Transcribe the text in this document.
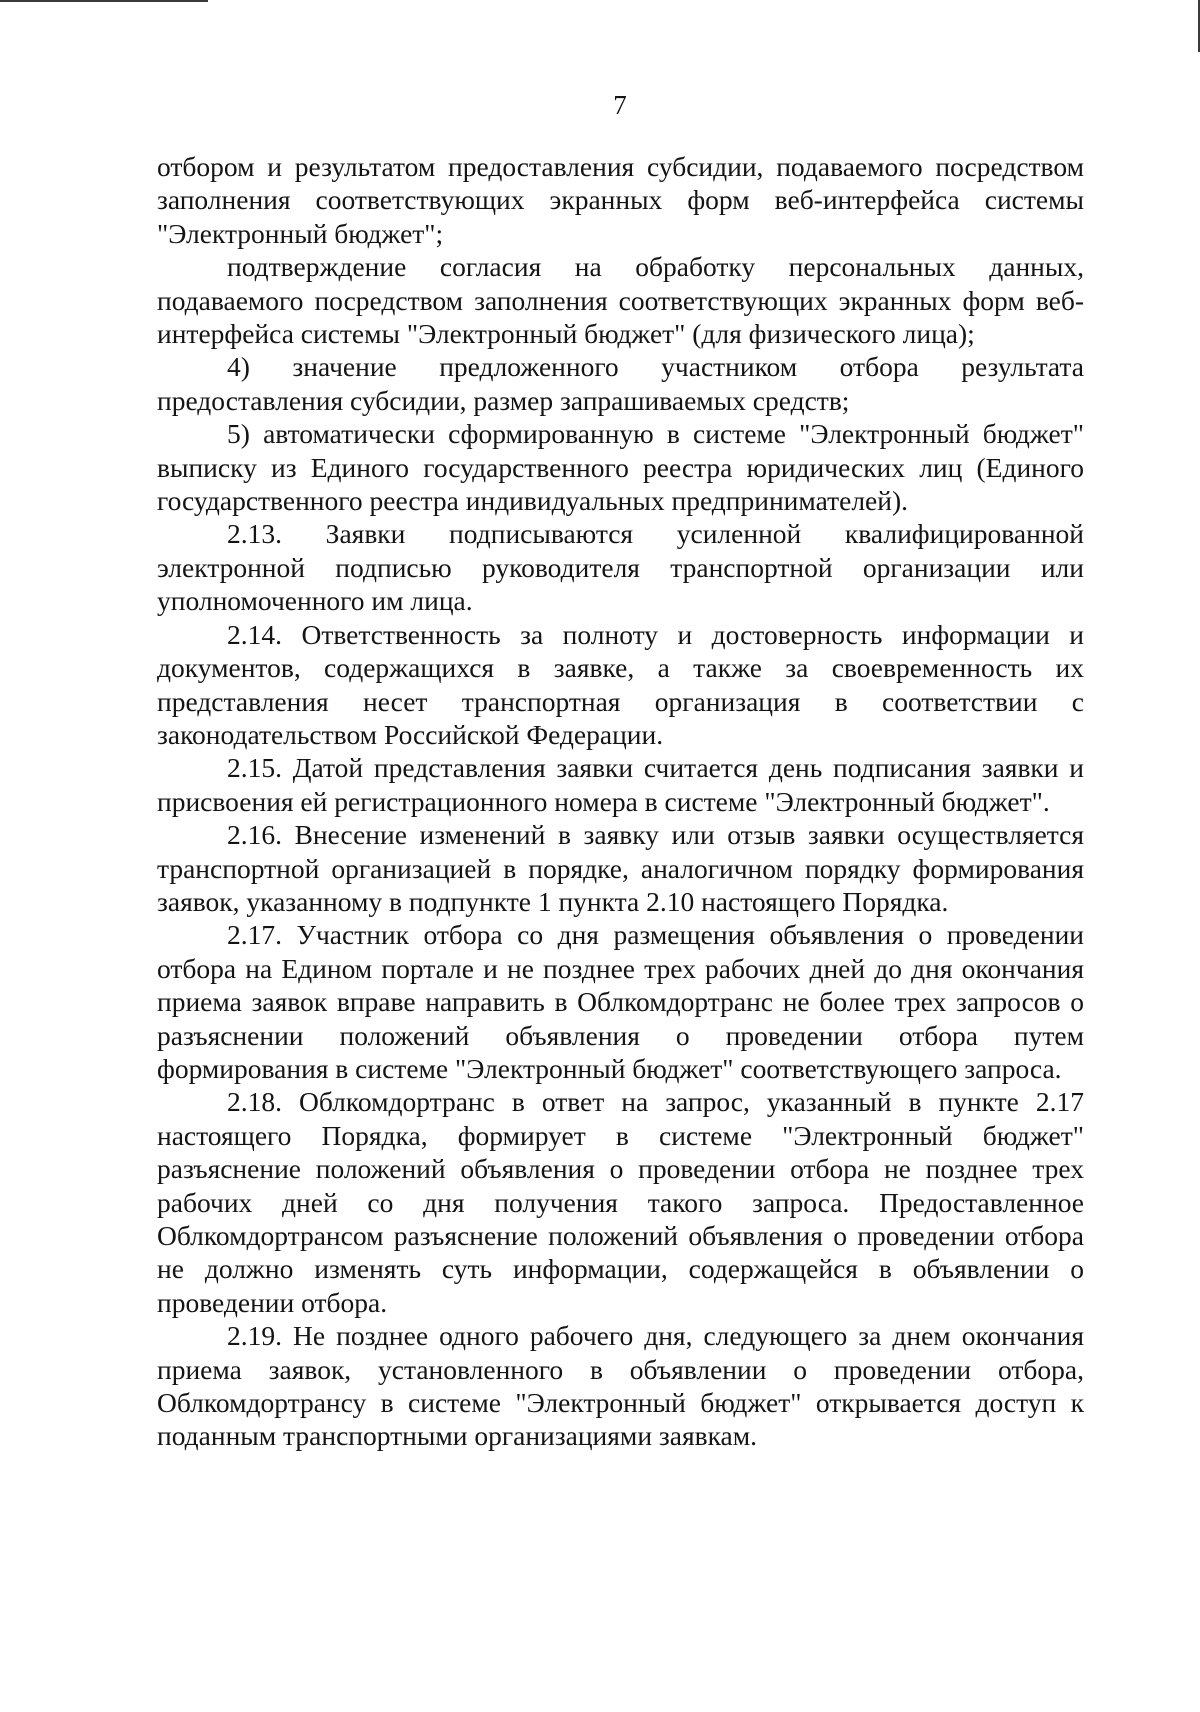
7

отбором и результатом предоставления субсидии, подаваемого посредством заполнения соответствующих экранных форм веб-интерфейса системы "Электронный бюджет";

подтверждение согласия на обработку персональных данных, подаваемого посредством заполнения соответствующих экранных форм веб-интерфейса системы "Электронный бюджет" (для физического лица);

4) значение предложенного участником отбора результата предоставления субсидии, размер запрашиваемых средств;

5) автоматически сформированную в системе "Электронный бюджет" выписку из Единого государственного реестра юридических лиц (Единого государственного реестра индивидуальных предпринимателей).

2.13. Заявки подписываются усиленной квалифицированной электронной подписью руководителя транспортной организации или уполномоченного им лица.

2.14. Ответственность за полноту и достоверность информации и документов, содержащихся в заявке, а также за своевременность их представления несет транспортная организация в соответствии с законодательством Российской Федерации.

2.15. Датой представления заявки считается день подписания заявки и присвоения ей регистрационного номера в системе "Электронный бюджет".

2.16. Внесение изменений в заявку или отзыв заявки осуществляется транспортной организацией в порядке, аналогичном порядку формирования заявок, указанному в подпункте 1 пункта 2.10 настоящего Порядка.

2.17. Участник отбора со дня размещения объявления о проведении отбора на Едином портале и не позднее трех рабочих дней до дня окончания приема заявок вправе направить в Облкомдортранс не более трех запросов о разъяснении положений объявления о проведении отбора путем формирования в системе "Электронный бюджет" соответствующего запроса.

2.18. Облкомдортранс в ответ на запрос, указанный в пункте 2.17 настоящего Порядка, формирует в системе "Электронный бюджет" разъяснение положений объявления о проведении отбора не позднее трех рабочих дней со дня получения такого запроса. Предоставленное Облкомдортрансом разъяснение положений объявления о проведении отбора не должно изменять суть информации, содержащейся в объявлении о проведении отбора.

2.19. Не позднее одного рабочего дня, следующего за днем окончания приема заявок, установленного в объявлении о проведении отбора, Облкомдортрансу в системе "Электронный бюджет" открывается доступ к поданным транспортными организациями заявкам.
